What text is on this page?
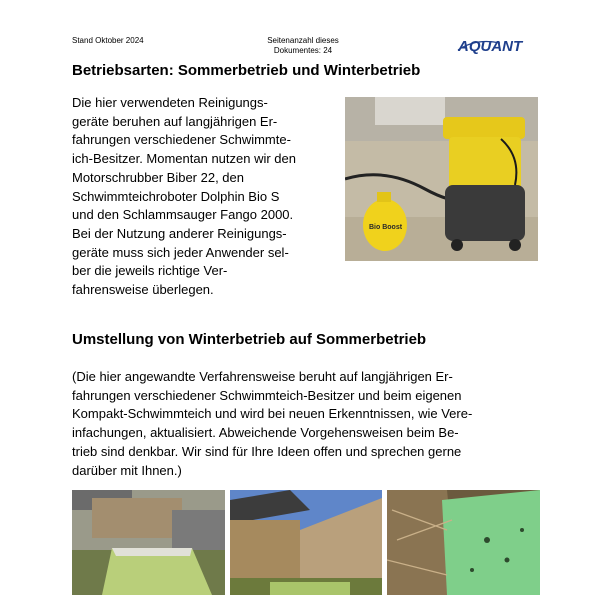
Stand Oktober 2024	Seitenanzahl dieses
Dokumentes: 24	AQUANT
Betriebsarten: Sommerbetrieb und Winterbetrieb
Die hier verwendeten Reinigungs-
geräte beruhen auf langjährigen Er-
fahrungen verschiedener Schwimmte-
ich-Besitzer. Momentan nutzen wir den
Motorschrubber Biber 22, den
Schwimmteichroboter Dolphin Bio S
und den Schlammsauger Fango 2000.
Bei der Nutzung anderer Reinigungs-
geräte muss sich jeder Anwender sel-
ber die jeweils richtige Ver-
fahrensweise überlegen.
Bio Boost
Umstellung von Winterbetrieb auf Sommerbetrieb
(Die hier angewandte Verfahrensweise beruht auf langjährigen Er-
fahrungen verschiedener Schwimmteich-Besitzer und beim eigenen
Kompakt-Schwimmteich und wird bei neuen Erkenntnissen, wie Vere-
infachungen, aktualisiert. Abweichende Vorgehensweisen beim Be-
trieb sind denkbar. Wir sind für Ihre Ideen offen und sprechen gerne
darüber mit Ihnen.)
